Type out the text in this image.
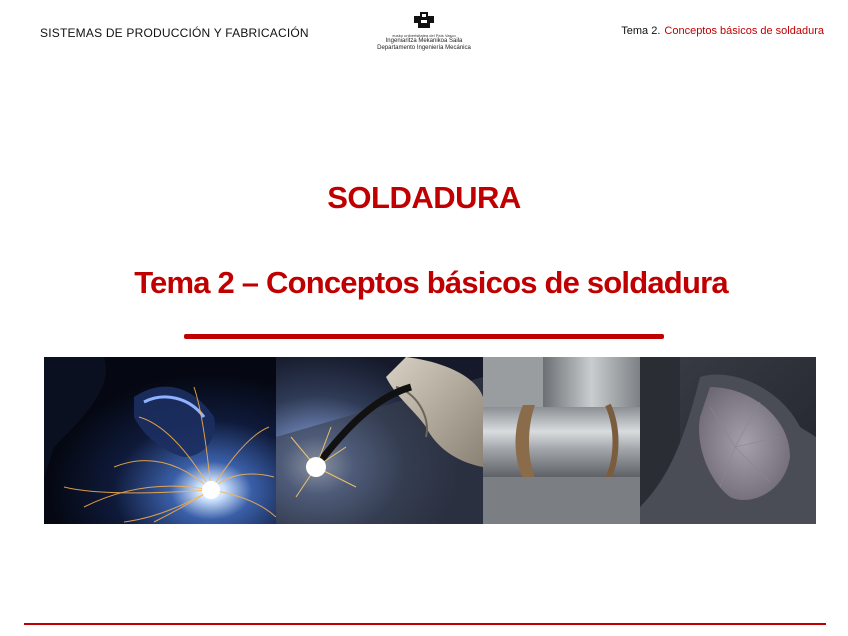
SISTEMAS DE PRODUCCIÓN Y FABRICACIÓN	eusko unibertsitatea del País Vasco
Ingeniaritza Mekanikoa Saila
Departamento Ingeniería Mecánica
Tema 2. Conceptos básicos de soldadura
SOLDADURA
Tema 2 – Conceptos básicos de soldadura
